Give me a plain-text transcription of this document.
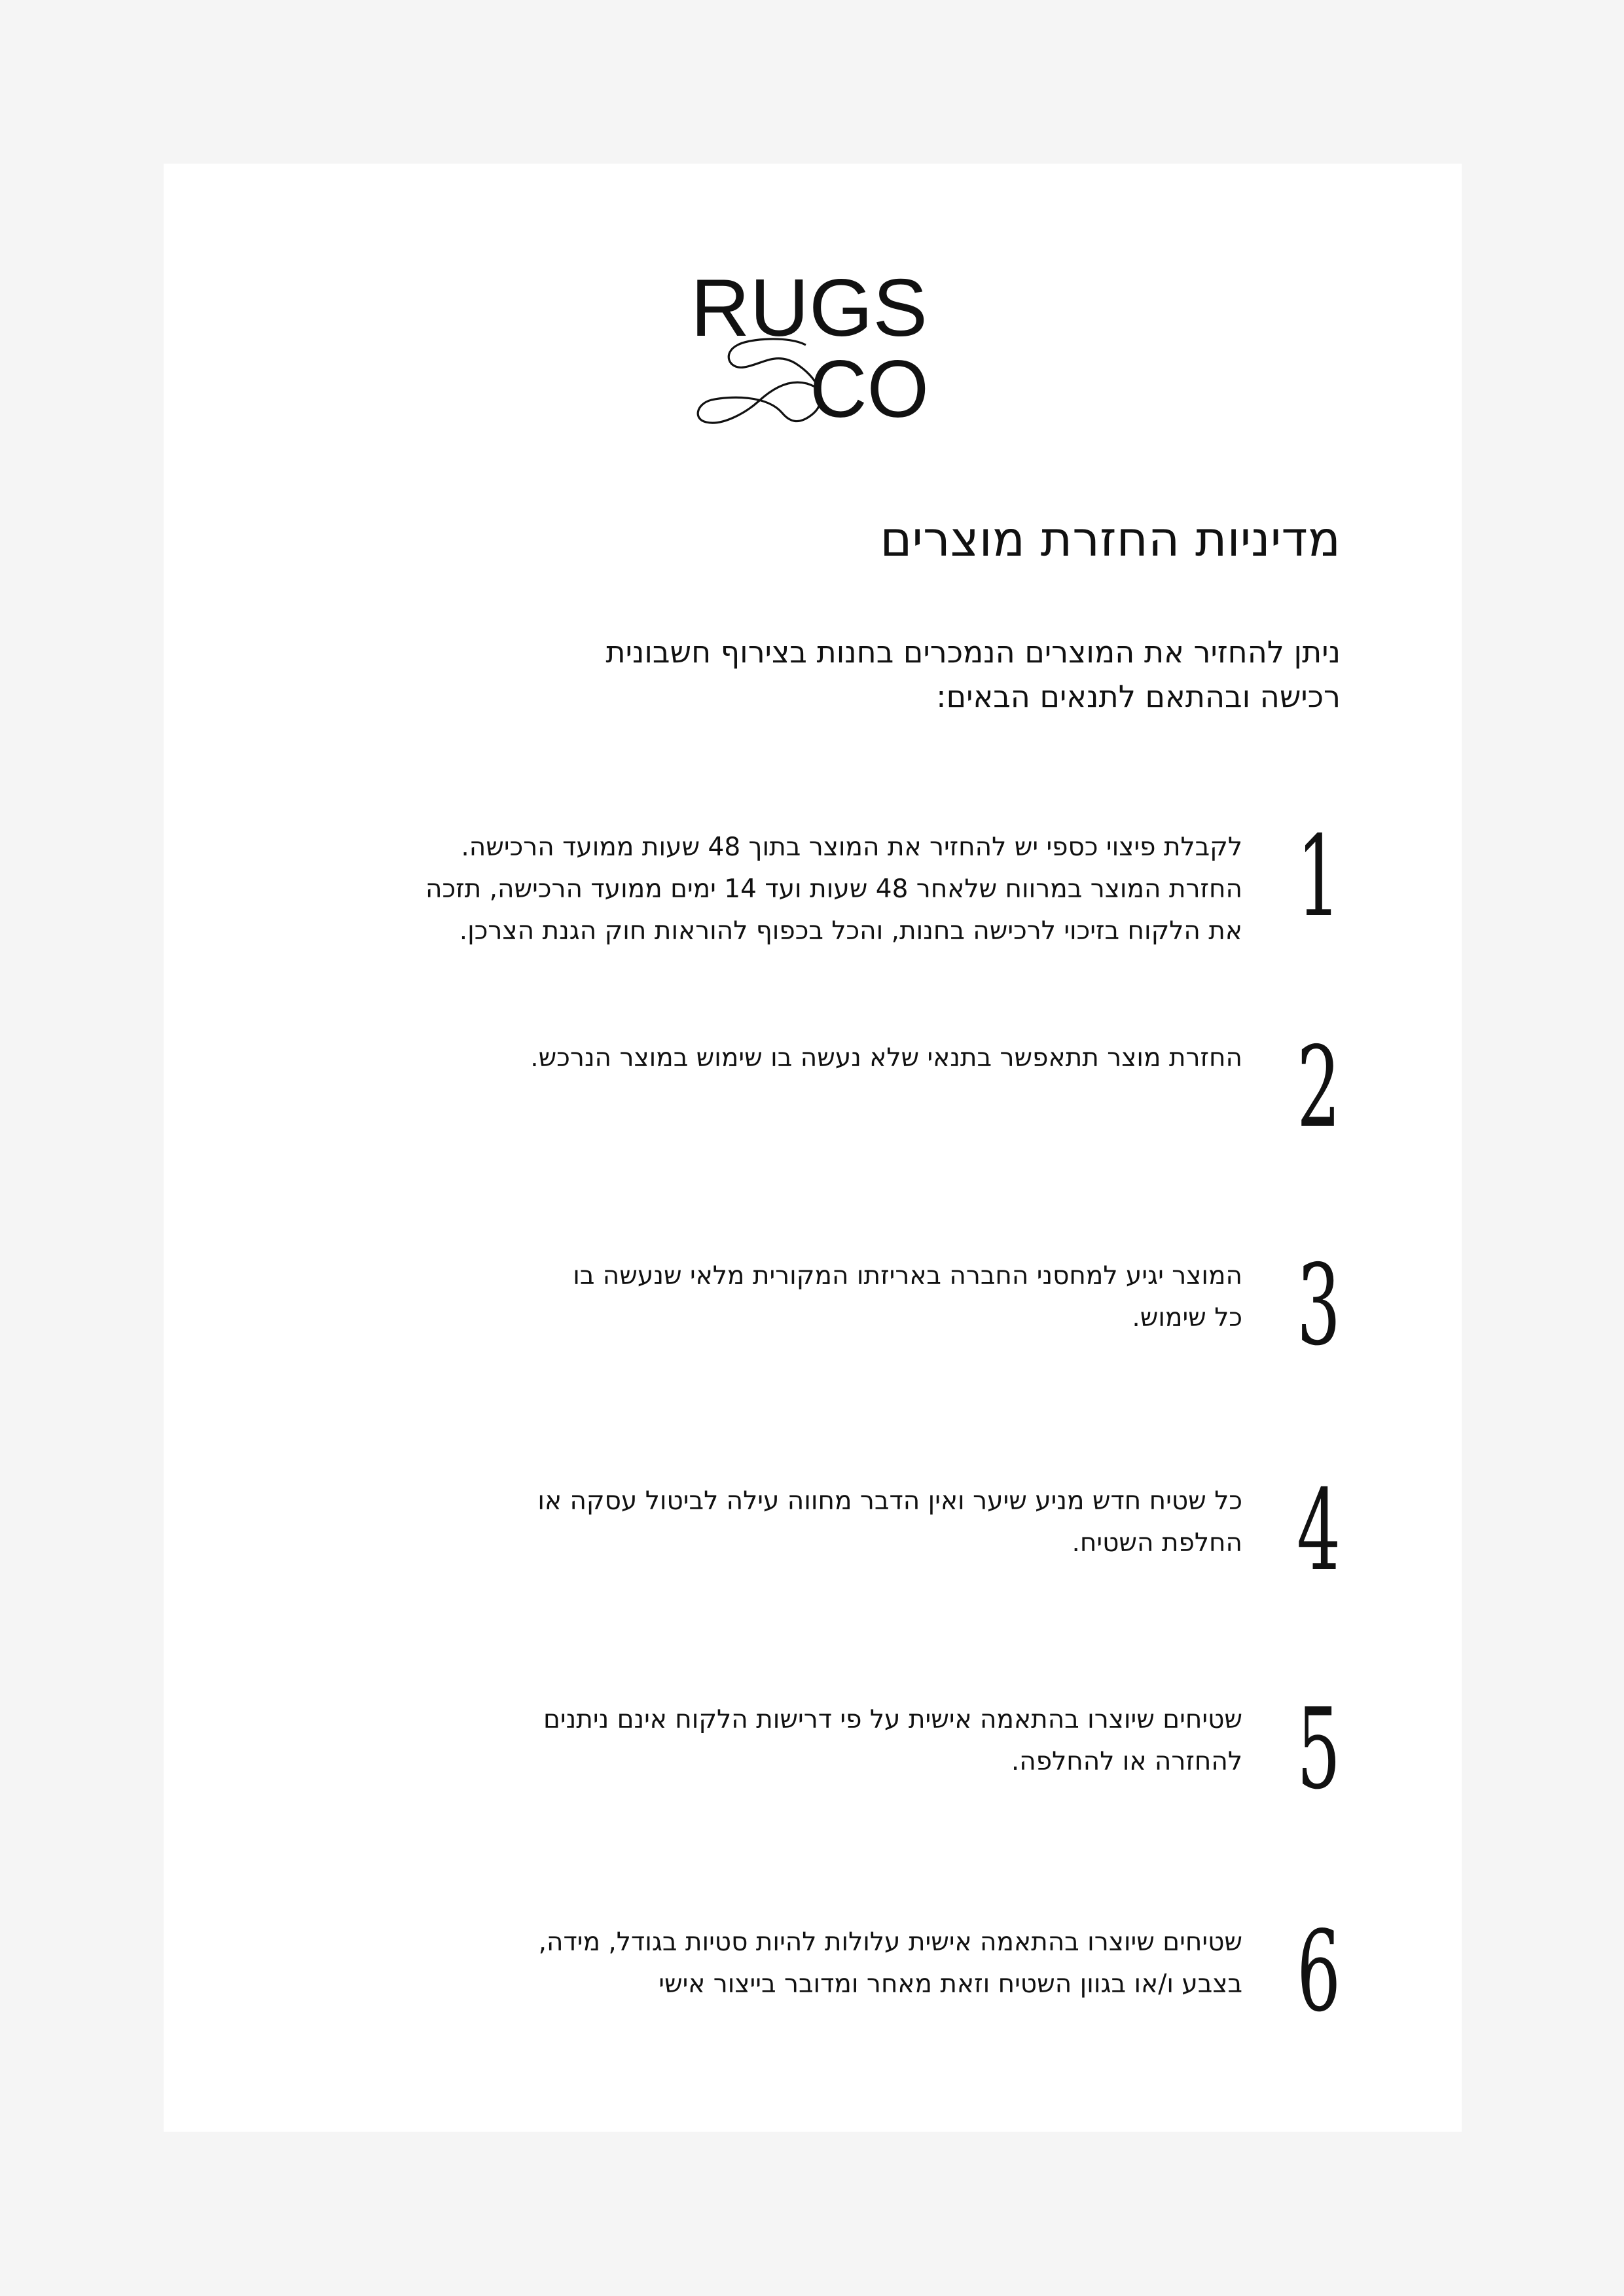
RUGS
CO
מדיניות החזרת מוצרים

ניתן להחזיר את המוצרים הנמכרים בחנות בצירוף חשבונית
רכישה ובהתאם לתנאים הבאים:

1
לקבלת פיצוי כספי יש להחזיר את המוצר בתוך 48 שעות ממועד הרכישה.
החזרת המוצר במרווח שלאחר 48 שעות ועד 14 ימים ממועד הרכישה, תזכה
את הלקוח בזיכוי לרכישה בחנות, והכל בכפוף להוראות חוק הגנת הצרכן.
2
החזרת מוצר תתאפשר בתנאי שלא נעשה בו שימוש במוצר הנרכש.
3
המוצר יגיע למחסני החברה באריזתו המקורית מלאי שנעשה בו
כל שימוש.
4
כל שטיח חדש מניע שיער ואין הדבר מחווה עילה לביטול עסקה או
החלפת השטיח.
5
שטיחים שיוצרו בהתאמה אישית על פי דרישות הלקוח אינם ניתנים
להחזרה או להחלפה.
6
שטיחים שיוצרו בהתאמה אישית עלולות להיות סטיות בגודל, מידה,
בצבע ו/או בגוון השטיח וזאת מאחר ומדובר בייצור אישי
